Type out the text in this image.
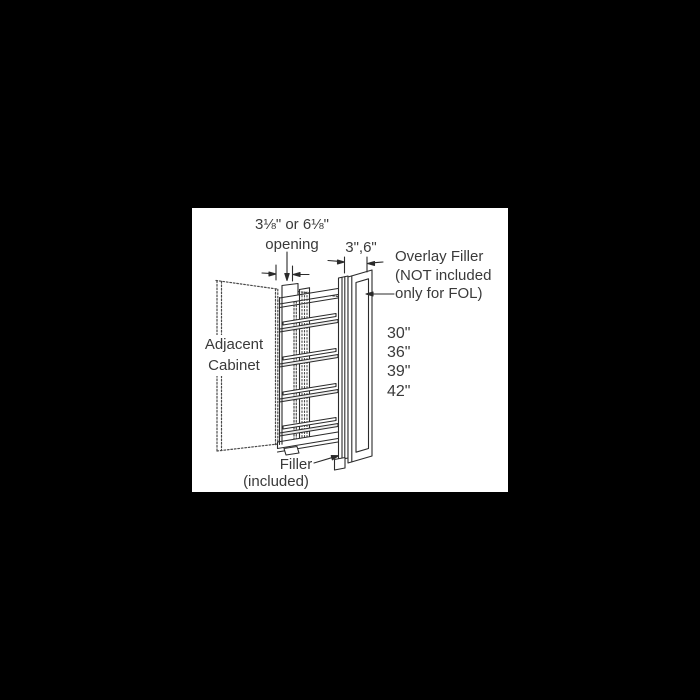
3⅛" or 6⅛"
opening	3",6"
Overlay Filler
(NOT included
only for FOL)
30"
36"
39"
42"
Adjacent
Cabinet
Filler
(included)
